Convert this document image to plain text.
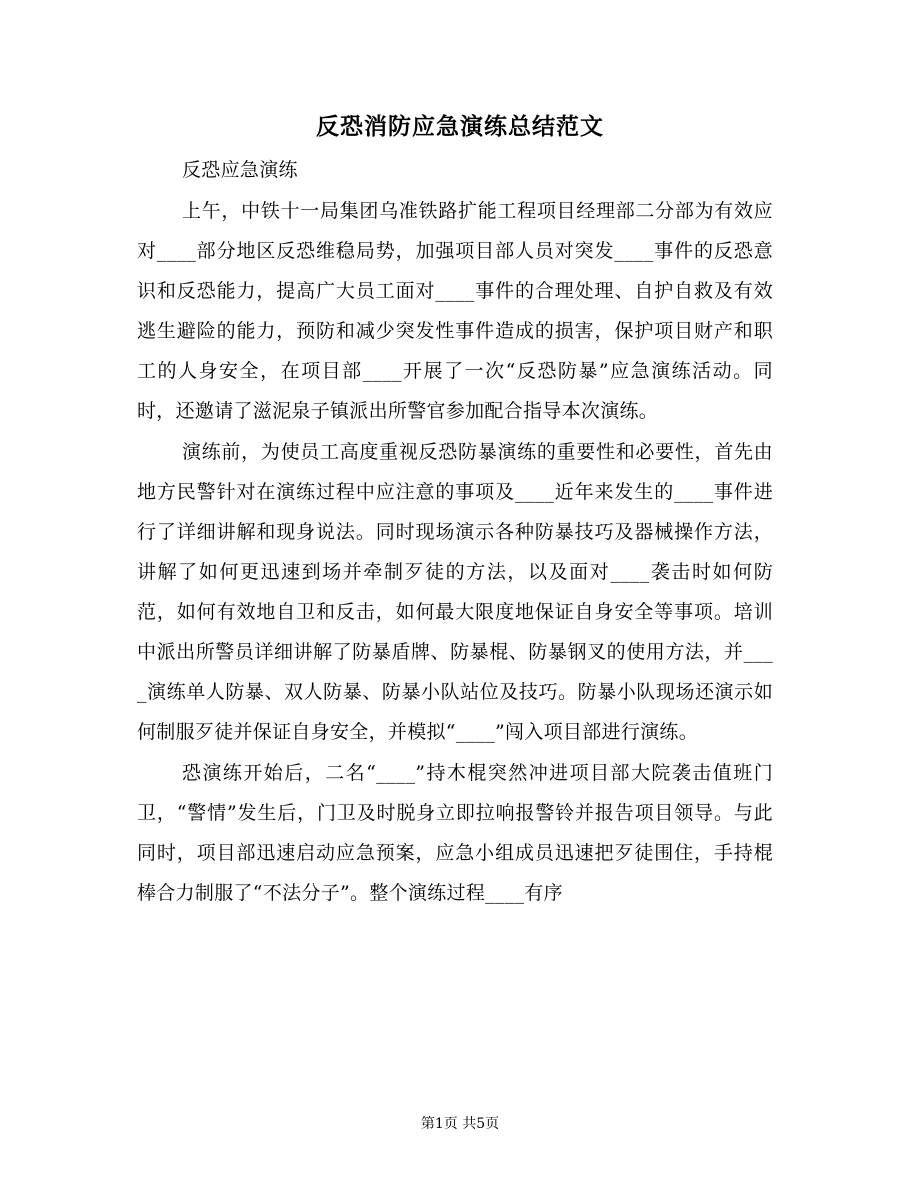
反恐消防应急演练总结范文

反恐应急演练

上午，中铁十一局集团乌准铁路扩能工程项目经理部二分部为有效应对____部分地区反恐维稳局势，加强项目部人员对突发____事件的反恐意识和反恐能力，提高广大员工面对____事件的合理处理、自护自救及有效逃生避险的能力，预防和减少突发性事件造成的损害，保护项目财产和职工的人身安全，在项目部____开展了一次“反恐防暴”应急演练活动。同时，还邀请了滋泥泉子镇派出所警官参加配合指导本次演练。

演练前，为使员工高度重视反恐防暴演练的重要性和必要性，首先由地方民警针对在演练过程中应注意的事项及____近年来发生的____事件进行了详细讲解和现身说法。同时现场演示各种防暴技巧及器械操作方法，讲解了如何更迅速到场并牵制歹徒的方法，以及面对____袭击时如何防范，如何有效地自卫和反击，如何最大限度地保证自身安全等事项。培训中派出所警员详细讲解了防暴盾牌、防暴棍、防暴钢叉的使用方法，并____演练单人防暴、双人防暴、防暴小队站位及技巧。防暴小队现场还演示如何制服歹徒并保证自身安全，并模拟“____”闯入项目部进行演练。

恐演练开始后，二名“____”持木棍突然冲进项目部大院袭击值班门卫，“警情”发生后，门卫及时脱身立即拉响报警铃并报告项目领导。与此同时，项目部迅速启动应急预案，应急小组成员迅速把歹徒围住，手持棍棒合力制服了“不法分子”。整个演练过程____有序

第1页 共5页
